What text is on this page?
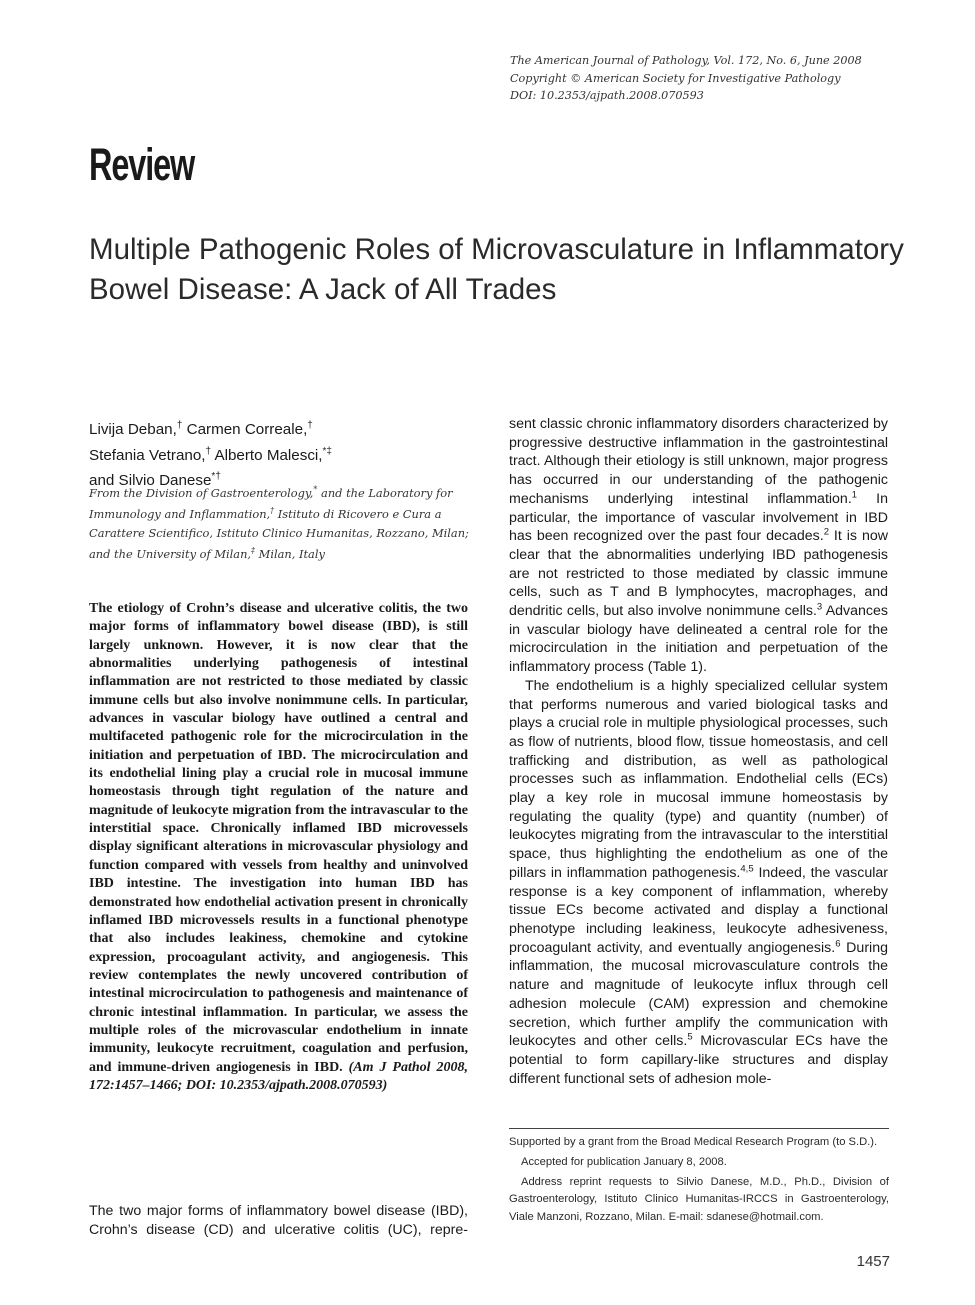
The American Journal of Pathology, Vol. 172, No. 6, June 2008
Copyright © American Society for Investigative Pathology
DOI: 10.2353/ajpath.2008.070593
Review
Multiple Pathogenic Roles of Microvasculature in Inflammatory Bowel Disease: A Jack of All Trades
Livija Deban,† Carmen Correale,†
Stefania Vetrano,† Alberto Malesci,*‡
and Silvio Danese*†
From the Division of Gastroenterology,* and the Laboratory for Immunology and Inflammation,† Istituto di Ricovero e Cura a Carattere Scientifico, Istituto Clinico Humanitas, Rozzano, Milan; and the University of Milan,‡ Milan, Italy
The etiology of Crohn’s disease and ulcerative colitis, the two major forms of inflammatory bowel disease (IBD), is still largely unknown. However, it is now clear that the abnormalities underlying pathogenesis of intestinal inflammation are not restricted to those mediated by classic immune cells but also involve nonimmune cells. In particular, advances in vascular biology have outlined a central and multifaceted pathogenic role for the microcirculation in the initiation and perpetuation of IBD. The microcirculation and its endothelial lining play a crucial role in mucosal immune homeostasis through tight regulation of the nature and magnitude of leukocyte migration from the intravascular to the interstitial space. Chronically inflamed IBD microvessels display significant alterations in microvascular physiology and function compared with vessels from healthy and uninvolved IBD intestine. The investigation into human IBD has demonstrated how endothelial activation present in chronically inflamed IBD microvessels results in a functional phenotype that also includes leakiness, chemokine and cytokine expression, procoagulant activity, and angiogenesis. This review contemplates the newly uncovered contribution of intestinal microcirculation to pathogenesis and maintenance of chronic intestinal inflammation. In particular, we assess the multiple roles of the microvascular endothelium in innate immunity, leukocyte recruitment, coagulation and perfusion, and immune-driven angiogenesis in IBD. (Am J Pathol 2008, 172:1457–1466; DOI: 10.2353/ajpath.2008.070593)
The two major forms of inflammatory bowel disease (IBD), Crohn’s disease (CD) and ulcerative colitis (UC), repre-

sent classic chronic inflammatory disorders characterized by progressive destructive inflammation in the gastrointestinal tract. Although their etiology is still unknown, major progress has occurred in our understanding of the pathogenic mechanisms underlying intestinal inflammation.$^1$ In particular, the importance of vascular involvement in IBD has been recognized over the past four decades.$^2$ It is now clear that the abnormalities underlying IBD pathogenesis are not restricted to those mediated by classic immune cells, such as T and B lymphocytes, macrophages, and dendritic cells, but also involve nonimmune cells.$^3$ Advances in vascular biology have delineated a central role for the microcirculation in the initiation and perpetuation of the inflammatory process (Table 1).

The endothelium is a highly specialized cellular system that performs numerous and varied biological tasks and plays a crucial role in multiple physiological processes, such as flow of nutrients, blood flow, tissue homeostasis, and cell trafficking and distribution, as well as pathological processes such as inflammation. Endothelial cells (ECs) play a key role in mucosal immune homeostasis by regulating the quality (type) and quantity (number) of leukocytes migrating from the intravascular to the interstitial space, thus highlighting the endothelium as one of the pillars in inflammation pathogenesis.$^{4,5}$ Indeed, the vascular response is a key component of inflammation, whereby tissue ECs become activated and display a functional phenotype including leakiness, leukocyte adhesiveness, procoagulant activity, and eventually angiogenesis.$^6$ During inflammation, the mucosal microvasculature controls the nature and magnitude of leukocyte influx through cell adhesion molecule (CAM) expression and chemokine secretion, which further amplify the communication with leukocytes and other cells.$^5$ Microvascular ECs have the potential to form capillary-like structures and display different functional sets of adhesion mole-

Supported by a grant from the Broad Medical Research Program (to S.D.).

Accepted for publication January 8, 2008.

Address reprint requests to Silvio Danese, M.D., Ph.D., Division of Gastroenterology, Istituto Clinico Humanitas-IRCCS in Gastroenterology, Viale Manzoni, Rozzano, Milan. E-mail: sdanese@hotmail.com.

1457
